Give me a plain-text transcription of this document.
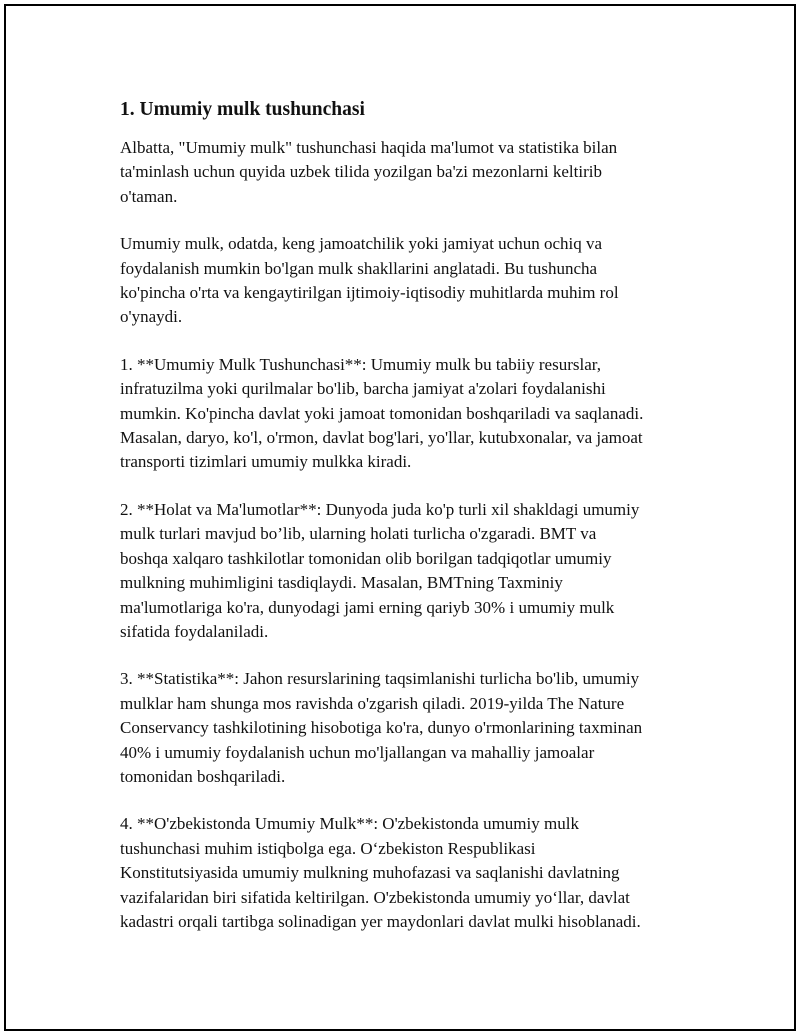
1. Umumiy mulk tushunchasi
Albatta, "Umumiy mulk" tushunchasi haqida ma'lumot va statistika bilan
ta'minlash uchun quyida uzbek tilida yozilgan ba'zi mezonlarni keltirib
o'taman.
Umumiy mulk, odatda, keng jamoatchilik yoki jamiyat uchun ochiq va
foydalanish mumkin bo'lgan mulk shakllarini anglatadi. Bu tushuncha
ko'pincha o'rta va kengaytirilgan ijtimoiy-iqtisodiy muhitlarda muhim rol
o'ynaydi.
1. **Umumiy Mulk Tushunchasi**: Umumiy mulk bu tabiiy resurslar,
infratuzilma yoki qurilmalar bo'lib, barcha jamiyat a'zolari foydalanishi
mumkin. Ko'pincha davlat yoki jamoat tomonidan boshqariladi va saqlanadi.
Masalan, daryo, ko'l, o'rmon, davlat bog'lari, yo'llar, kutubxonalar, va jamoat
transporti tizimlari umumiy mulkka kiradi.
2. **Holat va Ma'lumotlar**: Dunyoda juda ko'p turli xil shakldagi umumiy
mulk turlari mavjud bo’lib, ularning holati turlicha o'zgaradi. BMT va
boshqa xalqaro tashkilotlar tomonidan olib borilgan tadqiqotlar umumiy
mulkning muhimligini tasdiqlaydi. Masalan, BMTning Taxminiy
ma'lumotlariga ko'ra, dunyodagi jami erning qariyb 30% i umumiy mulk
sifatida foydalaniladi.
3. **Statistika**: Jahon resurslarining taqsimlanishi turlicha bo'lib, umumiy
mulklar ham shunga mos ravishda o'zgarish qiladi. 2019-yilda The Nature
Conservancy tashkilotining hisobotiga ko'ra, dunyo o'rmonlarining taxminan
40% i umumiy foydalanish uchun mo'ljallangan va mahalliy jamoalar
tomonidan boshqariladi.
4. **O'zbekistonda Umumiy Mulk**: O'zbekistonda umumiy mulk
tushunchasi muhim istiqbolga ega. O‘zbekiston Respublikasi
Konstitutsiyasida umumiy mulkning muhofazasi va saqlanishi davlatning
vazifalaridan biri sifatida keltirilgan. O'zbekistonda umumiy yo‘llar, davlat
kadastri orqali tartibga solinadigan yer maydonlari davlat mulki hisoblanadi.
